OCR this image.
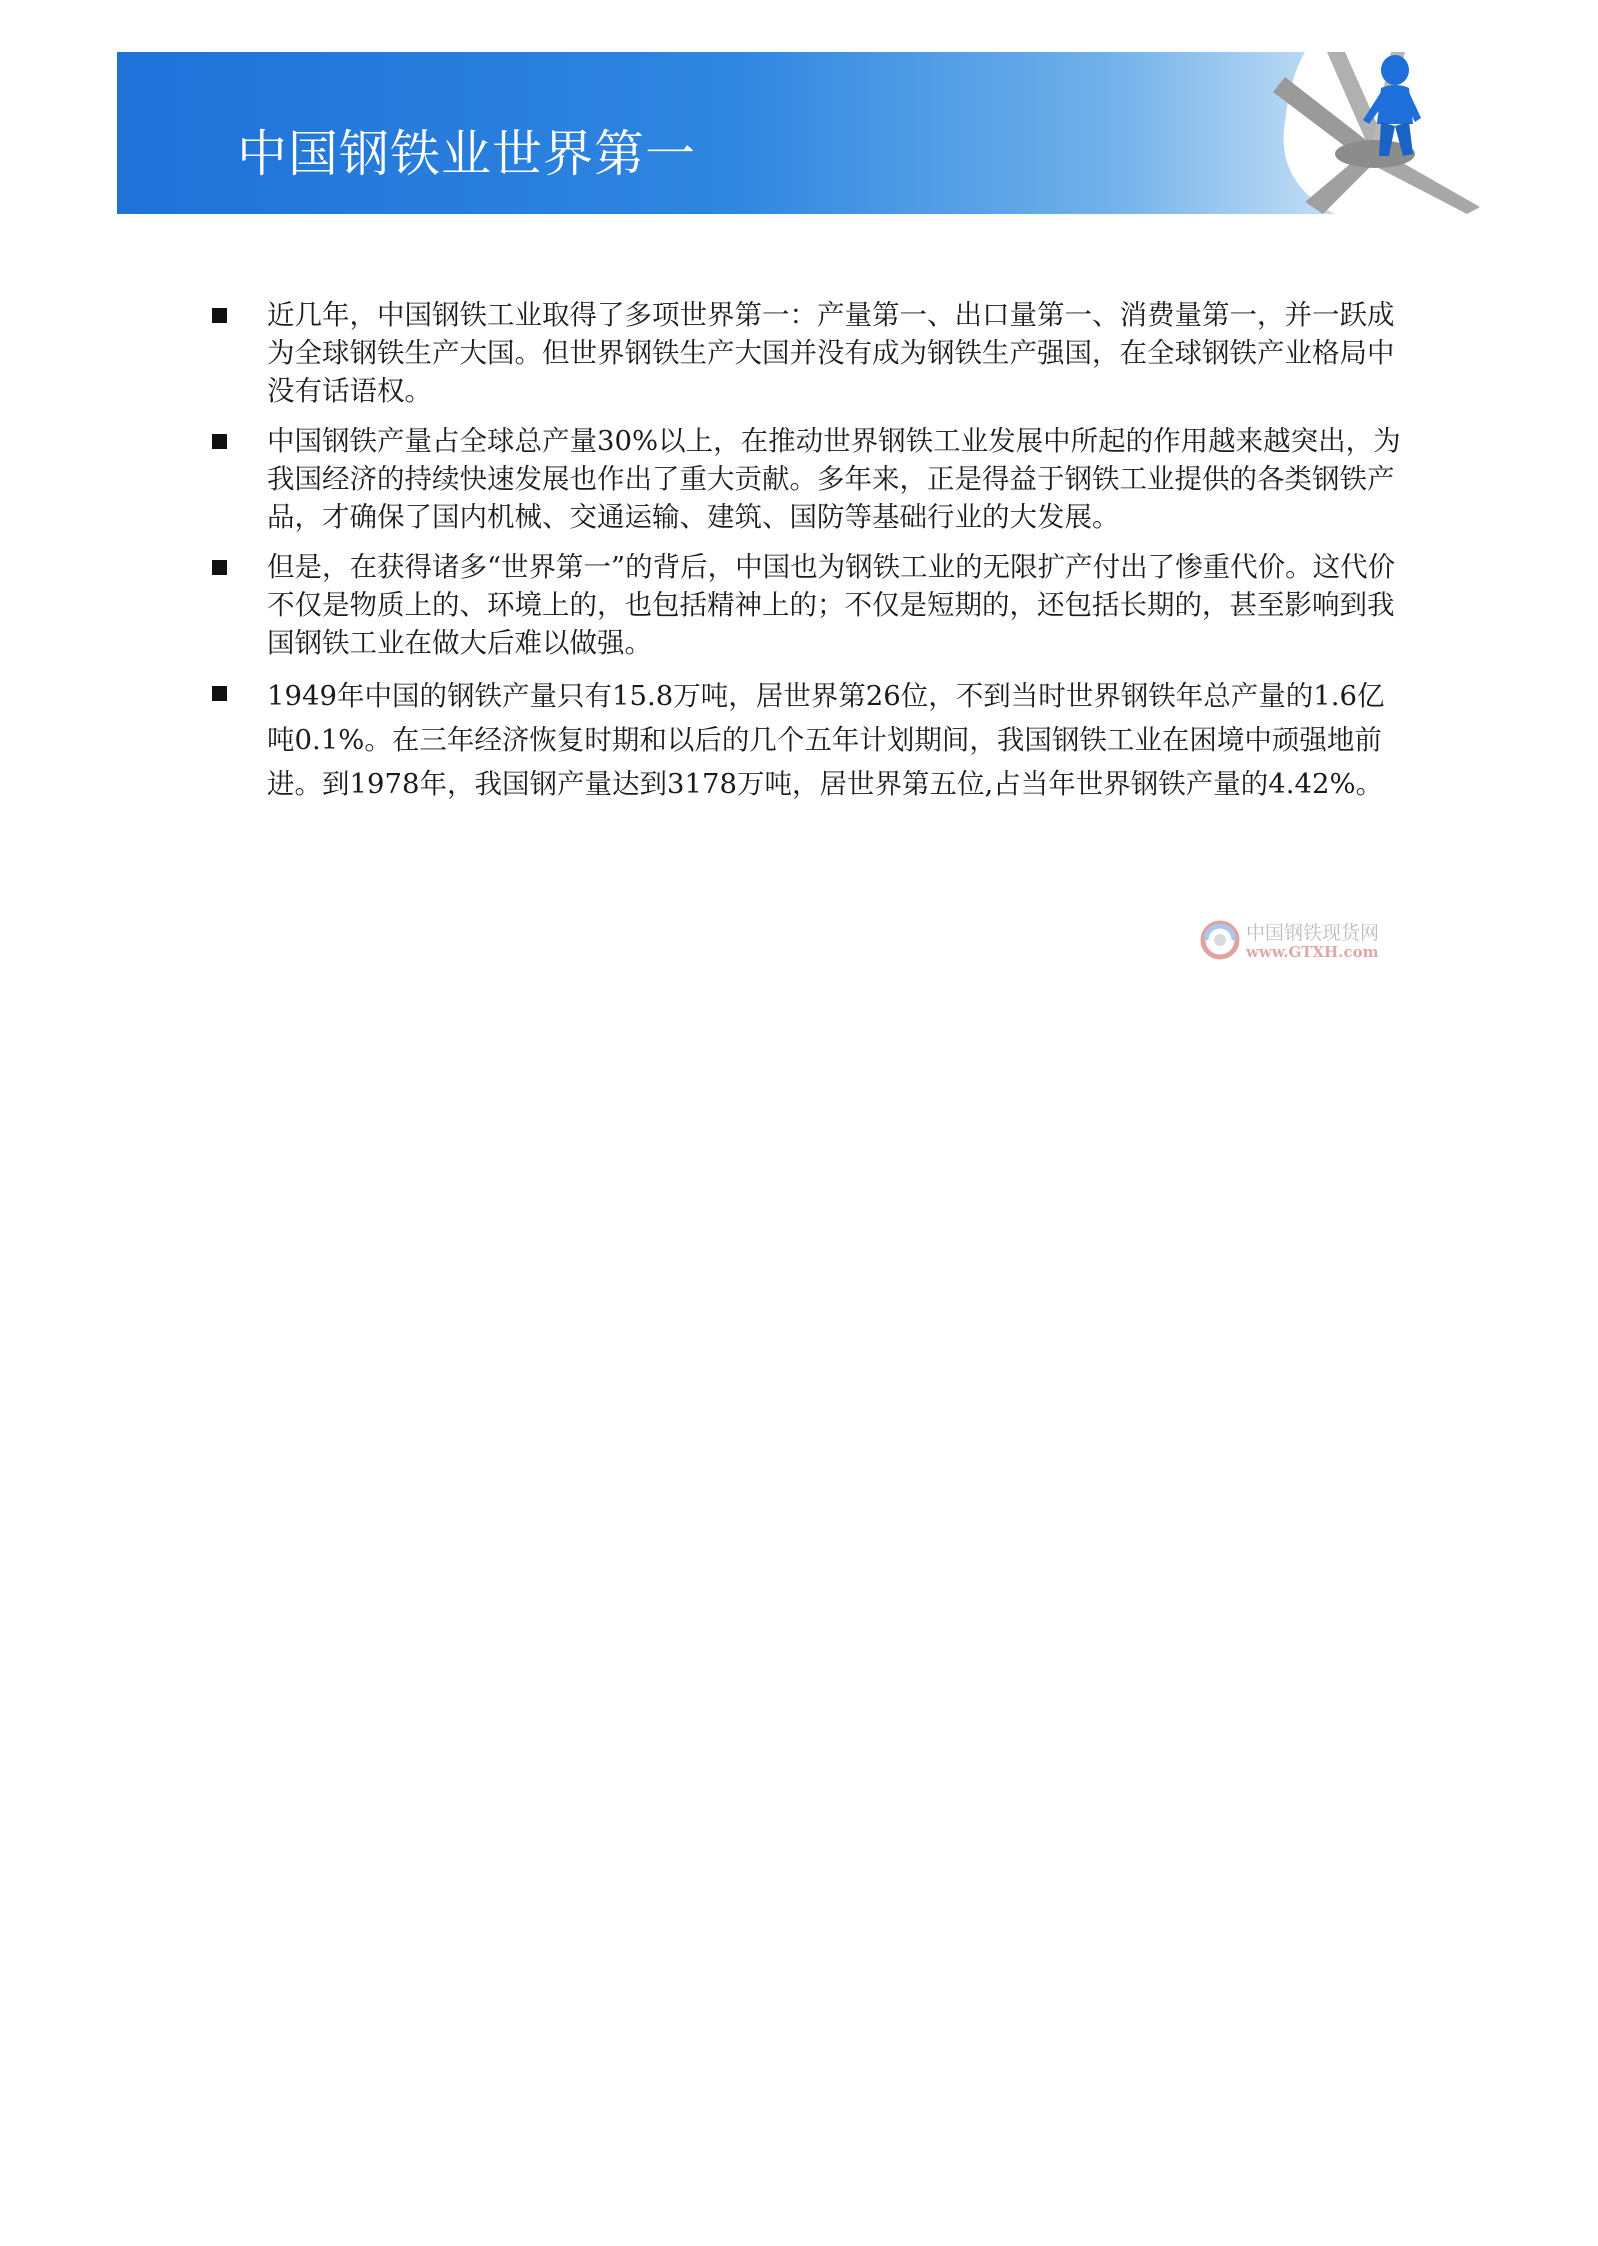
中国钢铁业世界第一
近几年，中国钢铁工业取得了多项世界第一：产量第一、出口量第一、消费量第一，并一跃成为全球钢铁生产大国。但世界钢铁生产大国并没有成为钢铁生产强国，在全球钢铁产业格局中没有话语权。
中国钢铁产量占全球总产量30%以上，在推动世界钢铁工业发展中所起的作用越来越突出，为我国经济的持续快速发展也作出了重大贡献。多年来，正是得益于钢铁工业提供的各类钢铁产品，才确保了国内机械、交通运输、建筑、国防等基础行业的大发展。
但是，在获得诸多“世界第一”的背后，中国也为钢铁工业的无限扩产付出了惨重代价。这代价不仅是物质上的、环境上的，也包括精神上的；不仅是短期的，还包括长期的，甚至影响到我国钢铁工业在做大后难以做强。
1949年中国的钢铁产量只有15.8万吨，居世界第26位，不到当时世界钢铁年总产量的1.6亿吨0.1%。在三年经济恢复时期和以后的几个五年计划期间，我国钢铁工业在困境中顽强地前进。到1978年，我国钢产量达到3178万吨，居世界第五位,占当年世界钢铁产量的4.42%。
中国钢铁现货网
www.GTXH.com
